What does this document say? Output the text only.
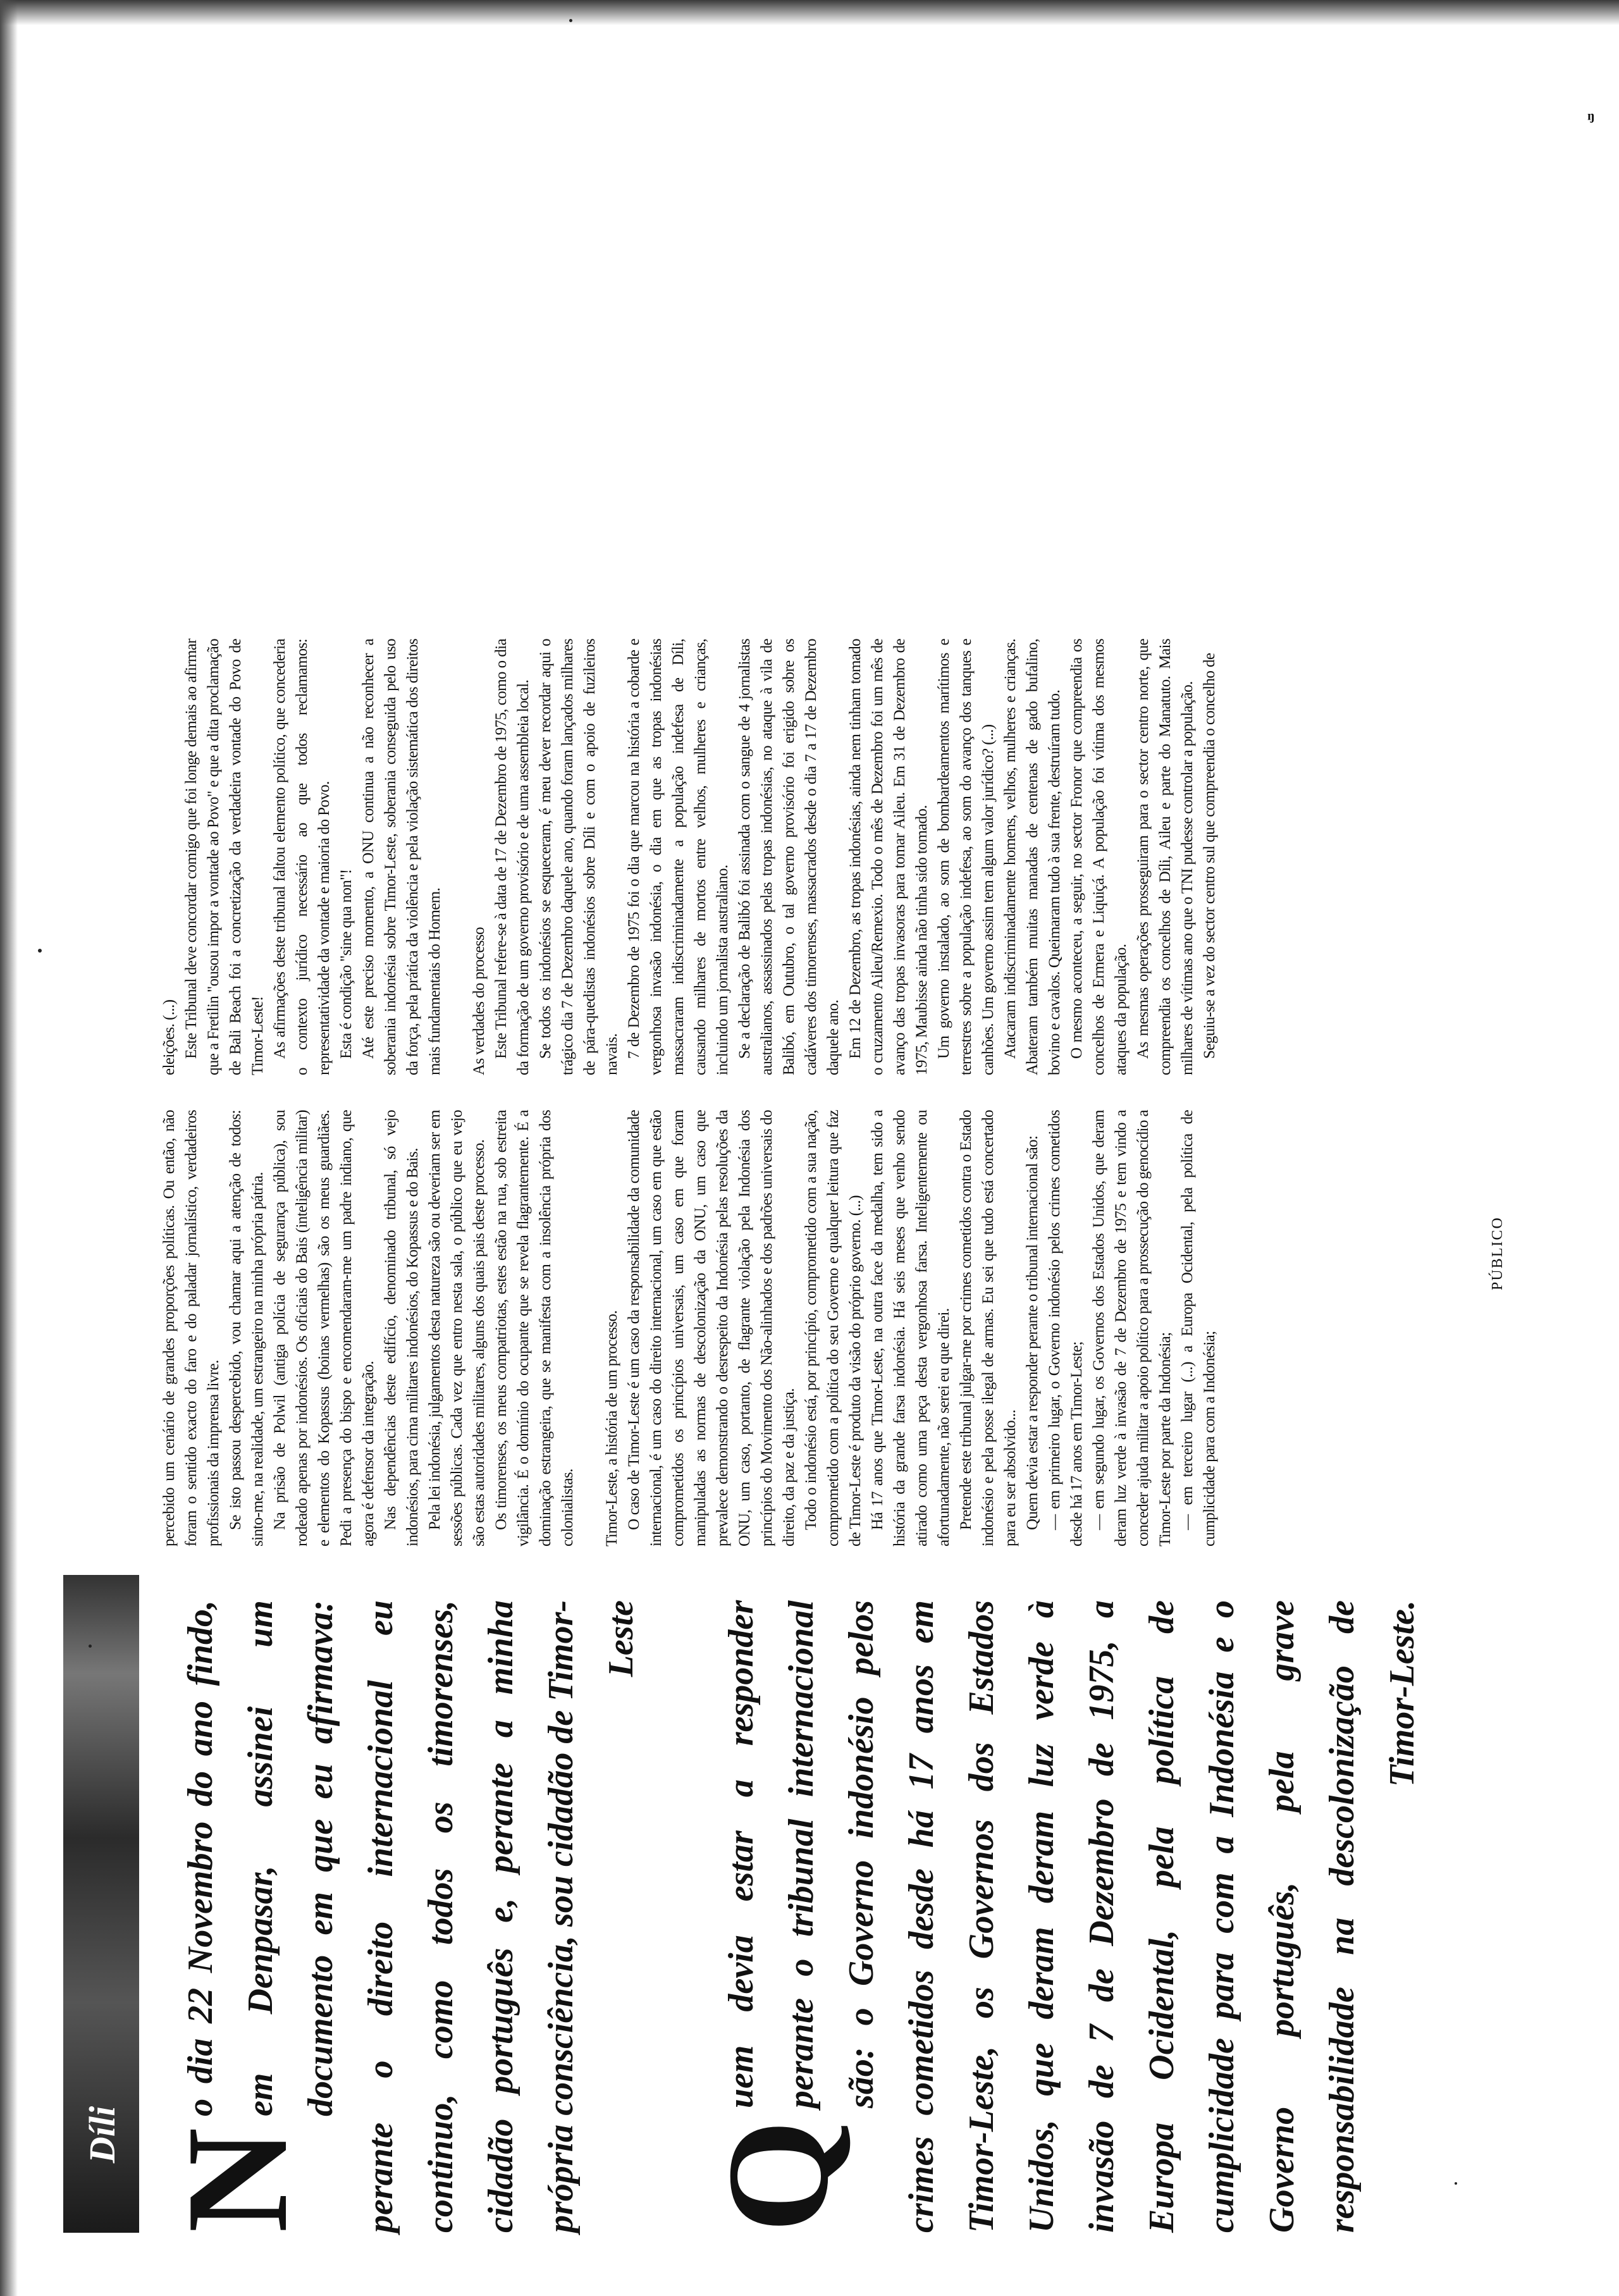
ᵑ
Díli N
o dia 22 Novembro do ano findo, em Denpasar, assinei um documento em que eu afirmava: perante o direito internacional eu continuo, como todos os timorenses, cidadão português e, perante a minha própria consciência, sou cidadão de Timor-Leste

Q
uem devia estar a responder perante o tribunal internacional são: o Governo indonésio pelos crimes cometidos desde há 17 anos em Timor-Leste, os Governos dos Estados Unidos, que deram deram luz verde à invasão de 7 de Dezembro de 1975, a Europa Ocidental, pela política de cumplicidade para com a Indonésia e o Governo português, pela grave responsabilidade na descolonização de Timor-Leste.

percebido um cenário de grandes proporções políticas. Ou então, não foram o sentido exacto do faro e do paladar jornalístico, verdadeiros profissionais da imprensa livre. Se isto passou despercebido, vou chamar aqui a atenção de todos: sinto-me, na realidade, um estrangeiro na minha própria pátria. Na prisão de Polwil (antiga polícia de segurança pública), sou rodeado apenas por indonésios. Os oficiais do Bais (inteligência militar) e elementos do Kopassus (boinas vermelhas) são os meus guardiães. Pedi a presença do bispo e encomendaram-me um padre indiano, que agora é defensor da integração. Nas dependências deste edifício, denominado tribunal, só vejo indonésios, para cima militares indonésios, do Kopassus e do Bais. Pela lei indonésia, julgamentos desta natureza são ou deveriam ser em sessões públicas. Cada vez que entro nesta sala, o público que eu vejo são estas autoridades militares, alguns dos quais pais deste processo. Os timorenses, os meus compatriotas, estes estão na rua, sob estreita vigilância. É o domínio do ocupante que se revela flagrantemente. É a dominação estrangeira, que se manifesta com a insolência própria dos colonialistas. Timor-Leste, a história de um processo. O caso de Timor-Leste é um caso da responsabilidade da comunidade internacional, é um caso do direito internacional, um caso em que estão comprometidos os princípios universais, um caso em que foram manipuladas as normas de descolonização da ONU, um caso que prevalece demonstrando o desrespeito da Indonésia pelas resoluções da ONU, um caso, portanto, de flagrante violação pela Indonésia dos princípios do Movimento dos Não-alinhados e dos padrões universais do direito, da paz e da justiça. Todo o indonésio está, por princípio, comprometido com a sua nação, comprometido com a política do seu Governo e qualquer leitura que faz de Timor-Leste é produto da visão do próprio governo. (...) Há 17 anos que Timor-Leste, na outra face da medalha, tem sido a história da grande farsa indonésia. Há seis meses que venho sendo atirado como uma peça desta vergonhosa farsa. Inteligentemente ou afortunadamente, não serei eu que direi. Pretende este tribunal julgar-me por crimes cometidos contra o Estado indonésio e pela posse ilegal de armas. Eu sei que tudo está concertado para eu ser absolvido... Quem devia estar a responder perante o tribunal internacional são: — em primeiro lugar, o Governo indonésio pelos crimes cometidos desde há 17 anos em Timor-Leste; — em segundo lugar, os Governos dos Estados Unidos, que deram deram luz verde à invasão de 7 de Dezembro de 1975 e tem vindo a conceder ajuda militar a apoio político para a prossecução do genocídio a Timor-Leste por parte da Indonésia; — em terceiro lugar (...) a Europa Ocidental, pela política de cumplicidade para com a Indonésia;

eleições. (...) Este Tribunal deve concordar comigo que foi longe demais ao afirmar que a Fretilin "ousou impor a vontade ao Povo" e que a dita proclamação de Bali Beach foi a concretização da verdadeira vontade do Povo de Timor-Leste! As afirmações deste tribunal faltou elemento político, que concederia o contexto jurídico necessário ao que todos reclamamos: representatividade da vontade e maioria do Povo. Esta é condição "sine qua non"! Até este preciso momento, a ONU continua a não reconhecer a soberania indonésia sobre Timor-Leste, soberania conseguida pelo uso da força, pela prática da violência e pela violação sistemática dos direitos mais fundamentais do Homem. As verdades do processo Este Tribunal refere-se à data de 17 de Dezembro de 1975, como o dia da formação de um governo provisório e de uma assembleia local. Se todos os indonésios se esqueceram, é meu dever recordar aqui o trágico dia 7 de Dezembro daquele ano, quando foram lançados milhares de pára-quedistas indonésios sobre Díli e com o apoio de fuzileiros navais. 7 de Dezembro de 1975 foi o dia que marcou na história a cobarde e vergonhosa invasão indonésia, o dia em que as tropas indonésias massacraram indiscriminadamente a população indefesa de Díli, causando milhares de mortos entre velhos, mulheres e crianças, incluindo um jornalista australiano. Se a declaração de Balibó foi assinada com o sangue de 4 jornalistas australianos, assassinados pelas tropas indonésias, no ataque à vila de Balibó, em Outubro, o tal governo provisório foi erigido sobre os cadáveres dos timorenses, massacrados desde o dia 7 a 17 de Dezembro daquele ano. Em 12 de Dezembro, as tropas indonésias, ainda nem tinham tomado o cruzamento Aileu/Remexio. Todo o mês de Dezembro foi um mês de avanço das tropas invasoras para tomar Aileu. Em 31 de Dezembro de 1975, Maubisse ainda não tinha sido tomado. Um governo instalado, ao som de bombardeamentos marítimos e terrestres sobre a população indefesa, ao som do avanço dos tanques e canhões. Um governo assim tem algum valor jurídico? (...) Atacaram indiscriminadamente homens, velhos, mulheres e crianças. Abateram também muitas manadas de centenas de gado bufalino, bovino e cavalos. Queimaram tudo à sua frente, destruíram tudo. O mesmo aconteceu, a seguir, no sector Fronor que compreendia os concelhos de Ermera e Liquiçá. A população foi vítima dos mesmos ataques da população. As mesmas operações prosseguiram para o sector centro norte, que compreendia os concelhos de Díli, Aileu e parte do Manatuto. Mais milhares de vítimas ano que o TNI pudesse controlar a população. Seguiu-se a vez do sector centro sul que compreendia o concelho de

PÚBLICO
